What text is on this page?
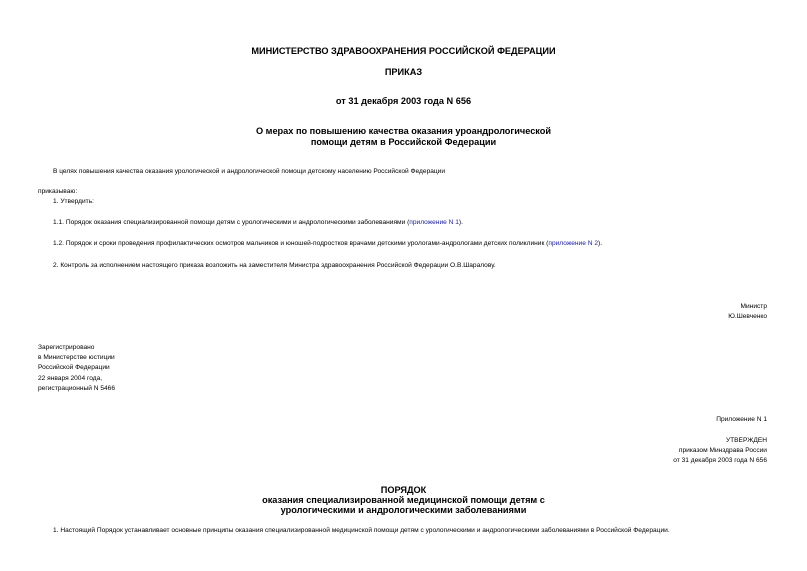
МИНИСТЕРСТВО ЗДРАВООХРАНЕНИЯ РОССИЙСКОЙ ФЕДЕРАЦИИ
ПРИКАЗ
от 31 декабря 2003 года N 656
О мерах по повышению качества оказания уроандрологической
помощи детям в Российской Федерации
В целях повышения качества оказания урологической и андрологической помощи детскому населению Российской Федерации
приказываю:
1. Утвердить:
1.1. Порядок оказания специализированной помощи детям с урологическими и андрологическими заболеваниями (приложение N 1).
1.2. Порядок и сроки проведения профилактических осмотров мальчиков и юношей-подростков врачами детскими урологами-андрологами детских поликлиник (приложение N 2).
2. Контроль за исполнением настоящего приказа возложить на заместителя Министра здравоохранения Российской Федерации О.В.Шаралову.
Министр
Ю.Шевченко
Зарегистрировано
в Министерстве юстиции
Российской Федерации
22 января 2004 года,
регистрационный N 5466
Приложение N 1
УТВЕРЖДЕН
приказом Минздрава России
от 31 декабря 2003 года N 656
ПОРЯДОК
оказания специализированной медицинской помощи детям с
урологическими и андрологическими заболеваниями
1. Настоящий Порядок устанавливает основные принципы оказания специализированной медицинской помощи детям с урологическими и андрологическими заболеваниями в Российской Федерации.
